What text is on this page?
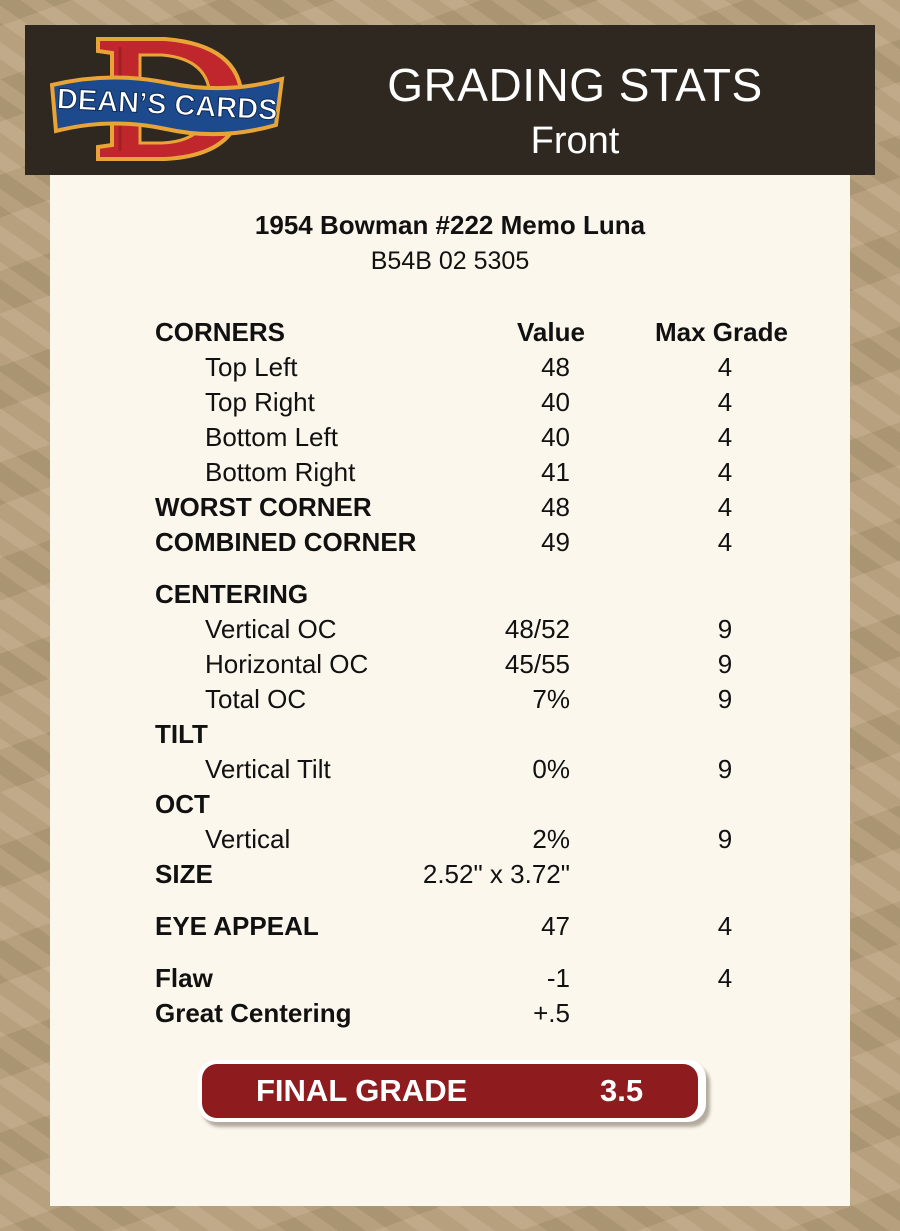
DEAN’S CARDS	GRADING STATS
Front
1954 Bowman #222 Memo Luna
B54B 02 5305
CORNERS	Value	Max Grade
Top Left	48	4
Top Right	40	4
Bottom Left	40	4
Bottom Right	41	4
WORST CORNER	48	4
COMBINED CORNER	49	4
CENTERING
Vertical OC	48/52	9
Horizontal OC	45/55	9
Total OC	7%	9
TILT
Vertical Tilt	0%	9
OCT
Vertical	2%	9
SIZE	2.52" x 3.72"
EYE APPEAL	47	4
Flaw	-1	4
Great Centering	+.5
FINAL GRADE	3.5
